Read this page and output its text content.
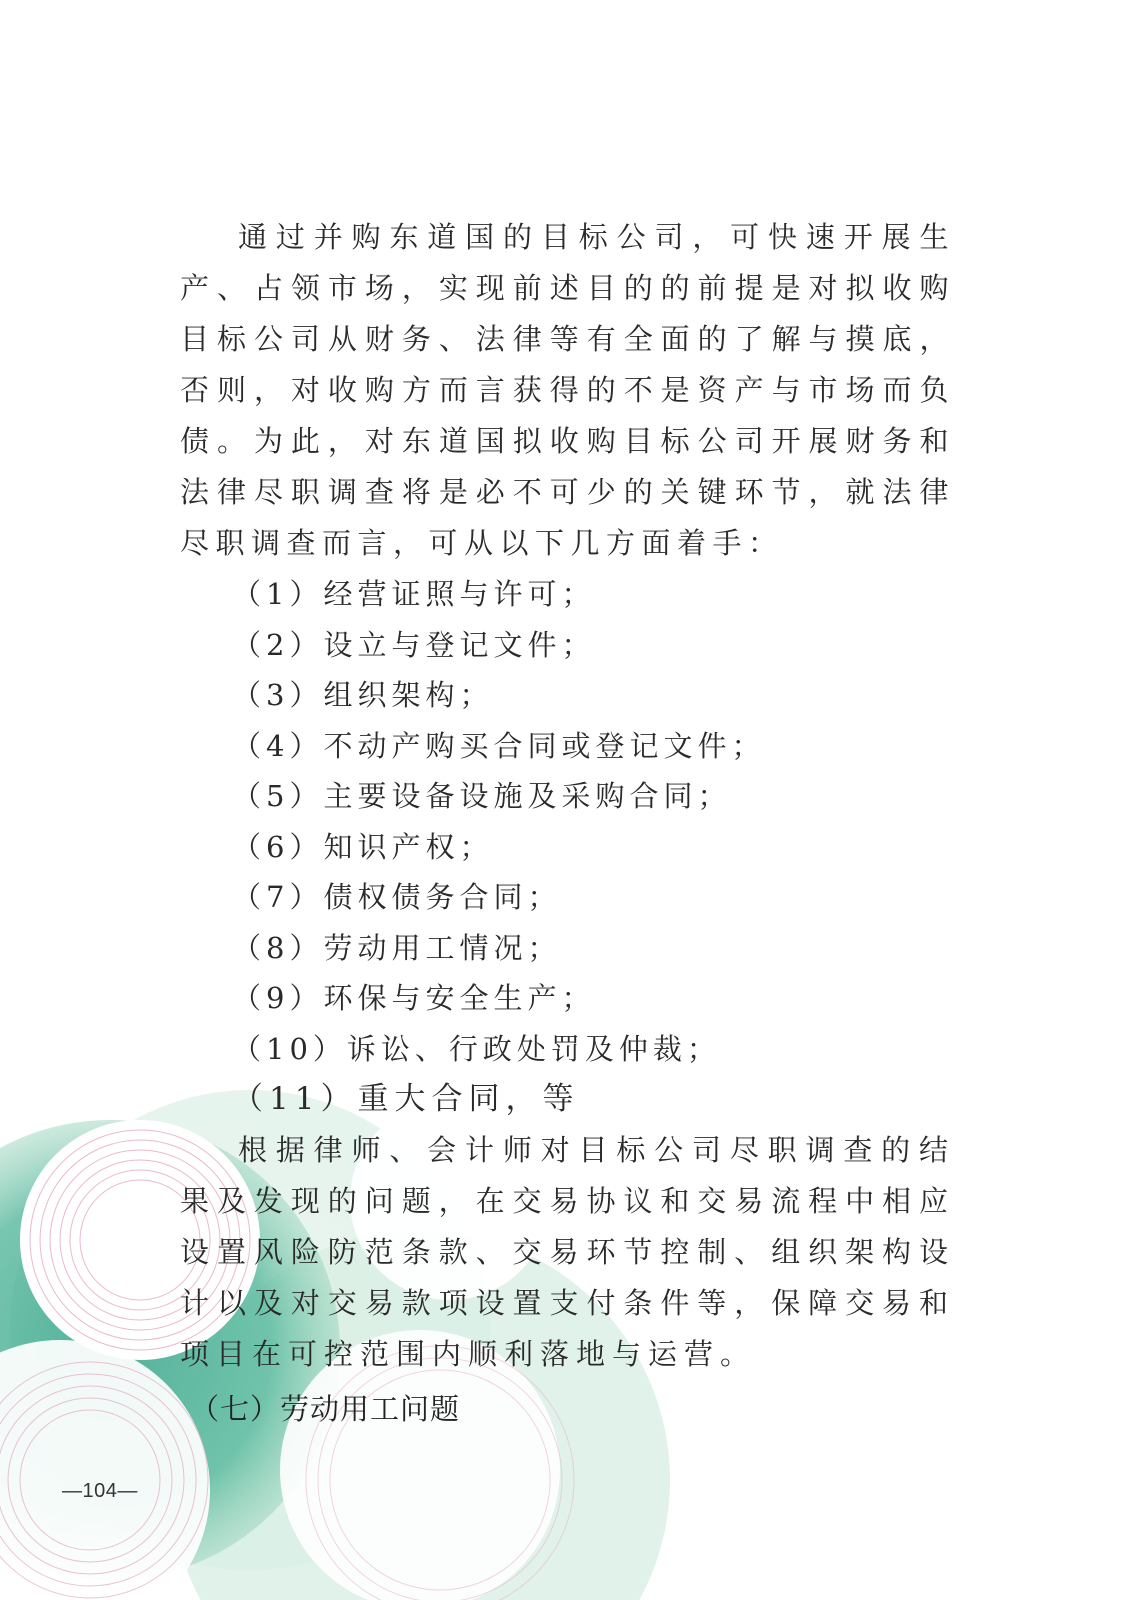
通过并购东道国的目标公司，可快速开展生产、占领市场，实现前述目的的前提是对拟收购目标公司从财务、法律等有全面的了解与摸底，否则，对收购方而言获得的不是资产与市场而负债。为此，对东道国拟收购目标公司开展财务和法律尽职调查将是必不可少的关键环节，就法律尽职调查而言，可从以下几方面着手：

（1）经营证照与许可；
（2）设立与登记文件；
（3）组织架构；
（4）不动产购买合同或登记文件；
（5）主要设备设施及采购合同；
（6）知识产权；
（7）债权债务合同；
（8）劳动用工情况；
（9）环保与安全生产；
（10）诉讼、行政处罚及仲裁；
（11）重大合同，等

根据律师、会计师对目标公司尽职调查的结果及发现的问题，在交易协议和交易流程中相应设置风险防范条款、交易环节控制、组织架构设计以及对交易款项设置支付条件等，保障交易和项目在可控范围内顺利落地与运营。

（七）劳动用工问题

—104—
